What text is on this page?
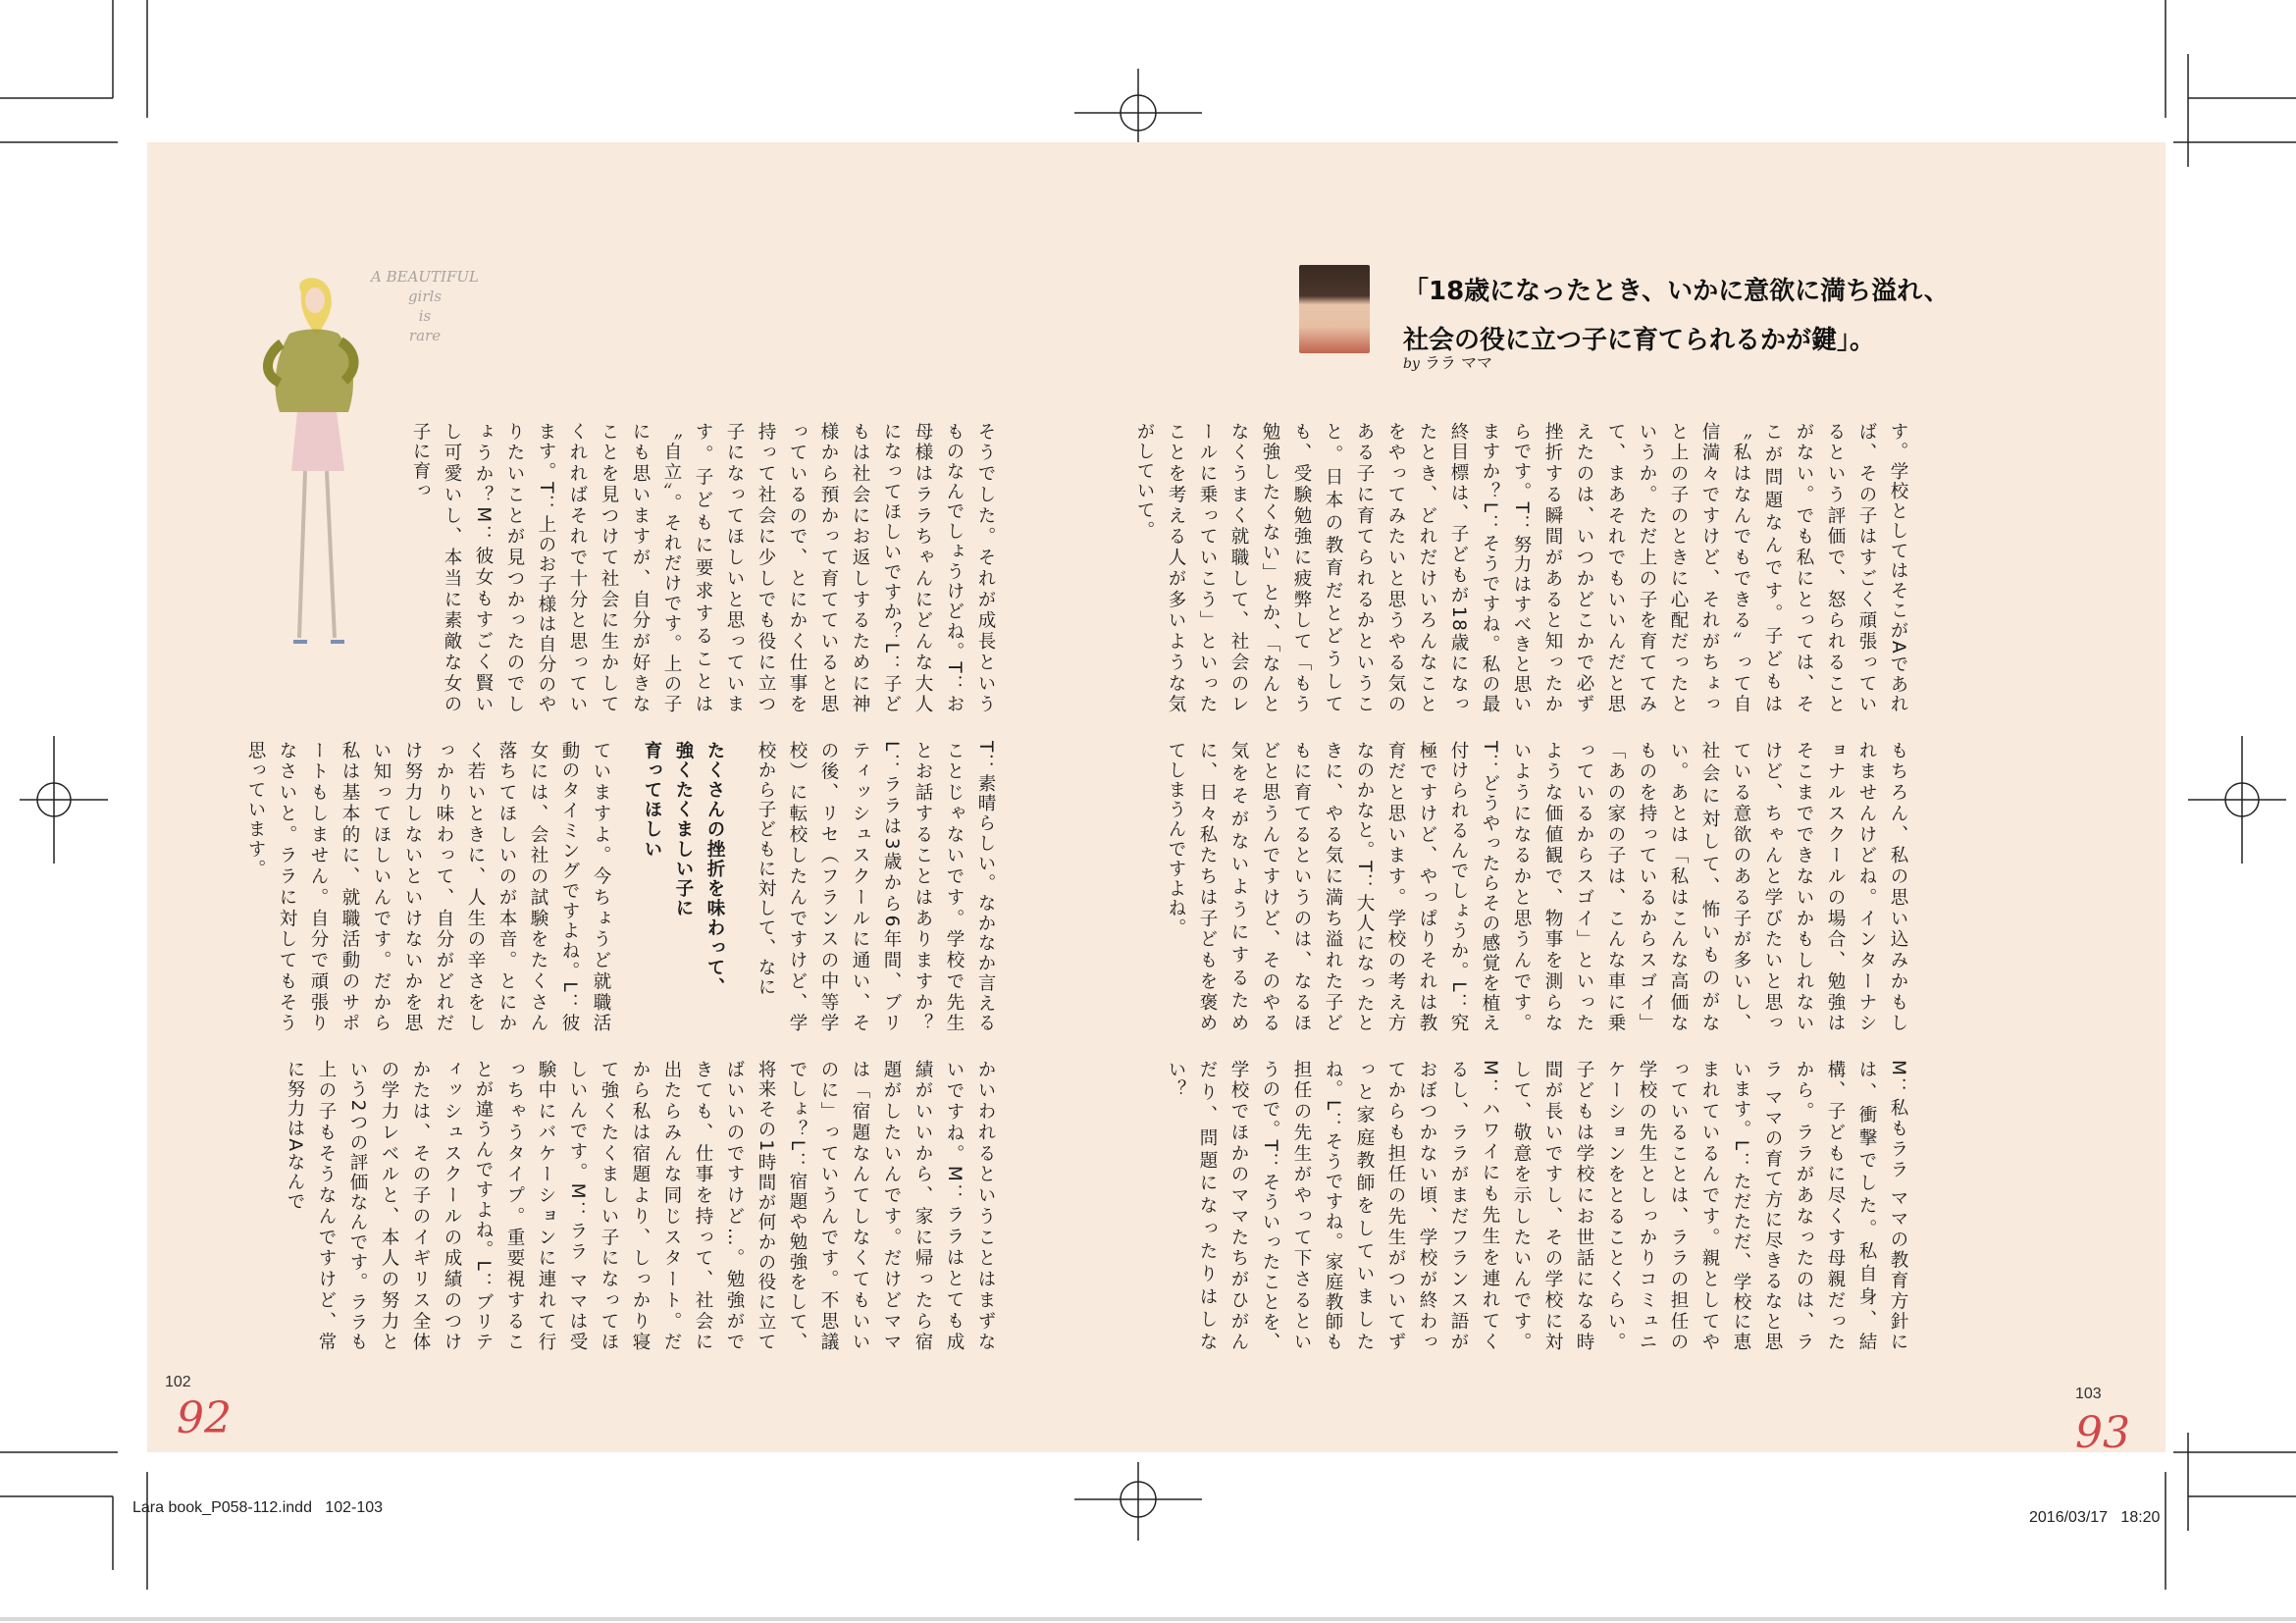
A BEAUTIFUL
girls
is
rare
「18歳になったとき、いかに意欲に満ち溢れ、
社会の役に立つ子に育てられるかが鍵」。
by ララ ママ

す。学校としてはそこがAであれば、その子はすごく頑張っているという評価で、怒られることがない。でも私にとっては、そこが問題なんです。子どもは〝私はなんでもできる〟って自信満々ですけど、それがちょっと上の子のときに心配だったというか。ただ上の子を育ててみて、まあそれでもいいんだと思えたのは、いつかどこかで必ず挫折する瞬間があると知ったからです。T：努力はすべきと思いますか？L：そうですね。私の最終目標は、子どもが18歳になったとき、どれだけいろんなことをやってみたいと思うやる気のある子に育てられるかということ。日本の教育だとどうしても、受験勉強に疲弊して「もう勉強したくない」とか、「なんとなくうまく就職して、社会のレールに乗っていこう」といったことを考える人が多いような気がしていて。

もちろん、私の思い込みかもしれませんけどね。インターナショナルスクールの場合、勉強はそこまでできないかもしれないけど、ちゃんと学びたいと思っている意欲のある子が多いし、社会に対して、怖いものがない。あとは「私はこんな高価なものを持っているからスゴイ」「あの家の子は、こんな車に乗っているからスゴイ」といったような価値観で、物事を測らないようになるかと思うんです。T：どうやったらその感覚を植え付けられるんでしょうか。L：究極ですけど、やっぱりそれは教育だと思います。学校の考え方なのかなと。T：大人になったときに、やる気に満ち溢れた子どもに育てるというのは、なるほどと思うんですけど、そのやる気をそがないようにするために、日々私たちは子どもを褒めてしまうんですよね。

M：私もララ ママの教育方針には、衝撃でした。私自身、結構、子どもに尽くす母親だったから。ララがあなったのは、ララ ママの育て方に尽きるなと思います。L：ただただ、学校に恵まれているんです。親としてやっていることは、ララの担任の学校の先生としっかりコミュニケーションをとることくらい。子どもは学校にお世話になる時間が長いですし、その学校に対して、敬意を示したいんです。M：ハワイにも先生を連れてくるし、ララがまだフランス語がおぼつかない頃、学校が終わってからも担任の先生がついてずっと家庭教師をしていましたね。L：そうですね。家庭教師も担任の先生がやって下さるというので。T：そういったことを、学校でほかのママたちがひがんだり、問題になったりはしない？

そうでした。それが成長というものなんでしょうけどね。T：お母様はララちゃんにどんな大人になってほしいですか？L：子どもは社会にお返しするために神様から預かって育てていると思っているので、とにかく仕事を持って社会に少しでも役に立つ子になってほしいと思っています。子どもに要求することは〝自立〟。それだけです。上の子にも思いますが、自分が好きなことを見つけて社会に生かしてくれればそれで十分と思っています。T：上のお子様は自分のやりたいことが見つかったのでしょうか？M：彼女もすごく賢いし可愛いし、本当に素敵な女の子に育っ

T：素晴らしい。なかなか言えることじゃないです。学校で先生とお話することはありますか？L：ララは3歳から6年間、ブリティッシュスクールに通い、その後、リセ（フランスの中等学校）に転校したんですけど、学校から子どもに対して、なに

たくさんの挫折を味わって、
強くたくましい子に
育ってほしい

ていますよ。今ちょうど就職活動のタイミングですよね。L：彼女には、会社の試験をたくさん落ちてほしいのが本音。とにかく若いときに、人生の辛さをしっかり味わって、自分がどれだけ努力しないといけないかを思い知ってほしいんです。だから私は基本的に、就職活動のサポートもしません。自分で頑張りなさいと。ララに対してもそう思っています。

かいわれるということはまずないですね。M：ララはとても成績がいいから、家に帰ったら宿題がしたいんです。だけどママは「宿題なんてしなくてもいいのに」っていうんです。不思議でしょ？L：宿題や勉強をして、将来その1時間が何かの役に立てばいいのですけど…。勉強ができても、仕事を持って、社会に出たらみんな同じスタート。だから私は宿題より、しっかり寝て強くたくましい子になってほしいんです。M：ララ ママは受験中にバケーションに連れて行っちゃうタイプ。重要視することが違うんですよね。L：ブリティッシュスクールの成績のつけかたは、その子のイギリス全体の学力レベルと、本人の努力という2つの評価なんです。ララも上の子もそうなんですけど、常に努力はAなんで

102
103
92	93
Lara book_P058-112.indd   102-103
2016/03/17   18:20
